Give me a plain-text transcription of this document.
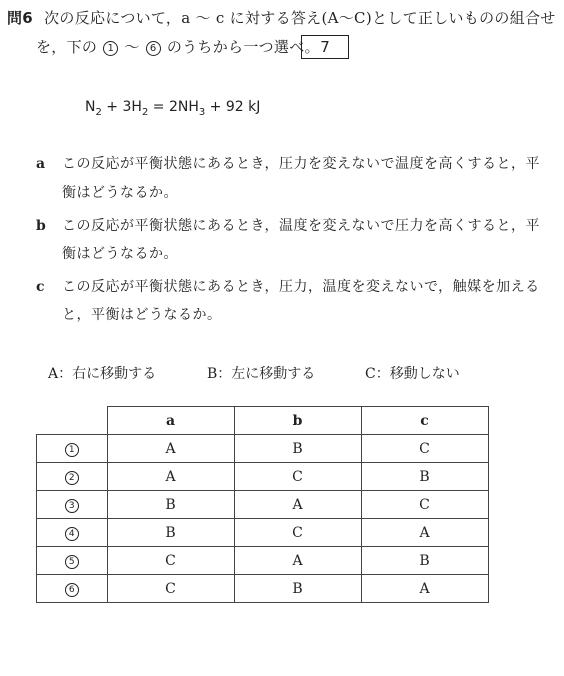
問6 次の反応について，a ～ c に対する答え(A～C)として正しいものの組合せ
を，下の 1 ～ 6 のうちから一つ選べ。 7
$N_2 + 3H_2 = 2NH_3 + 92$ kJ
a この反応が平衡状態にあるとき，圧力を変えないで温度を高くすると，平
衡はどうなるか。
b この反応が平衡状態にあるとき，温度を変えないで圧力を高くすると，平
衡はどうなるか。
c この反応が平衡状態にあるとき，圧力，温度を変えないで，触媒を加える
と，平衡はどうなるか。
A：右に移動する	B：左に移動する	C：移動しない
	a	b	c
1	A	B	C
2	A	C	B
3	B	A	C
4	B	C	A
5	C	A	B
6	C	B	A
